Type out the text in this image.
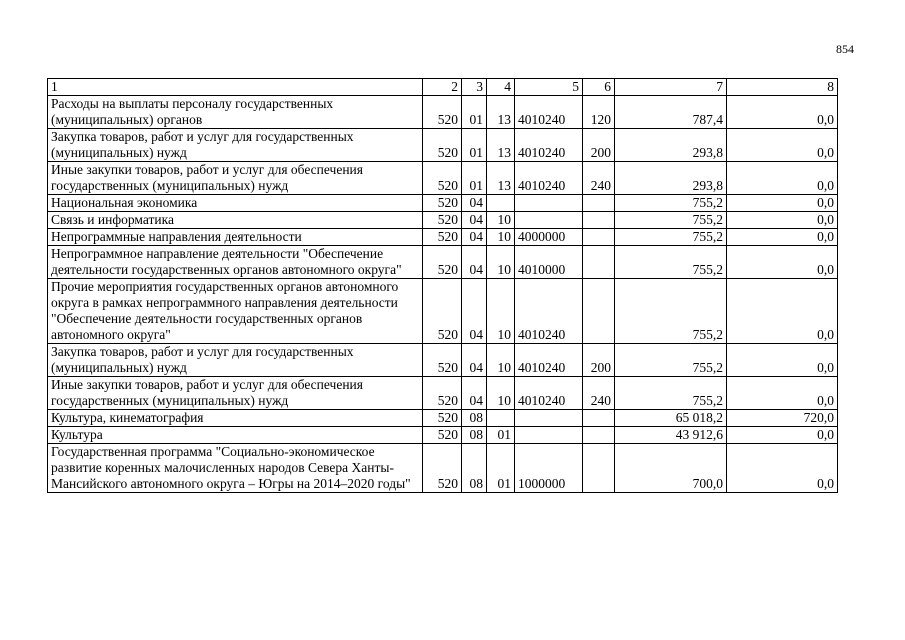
854
1	2	3	4	5	6	7	8
Расходы на выплаты персоналу государственных (муниципальных) органов	520	01	13	4010240	120	787,4	0,0
Закупка товаров, работ и услуг для государственных (муниципальных) нужд	520	01	13	4010240	200	293,8	0,0
Иные закупки товаров, работ и услуг для обеспечения государственных (муниципальных) нужд	520	01	13	4010240	240	293,8	0,0
Национальная экономика	520	04				755,2	0,0
Связь и информатика	520	04	10			755,2	0,0
Непрограммные направления деятельности	520	04	10	4000000		755,2	0,0
Непрограммное направление деятельности "Обеспечение деятельности государственных органов автономного округа"	520	04	10	4010000		755,2	0,0
Прочие мероприятия государственных органов автономного округа в рамках непрограммного направления деятельности "Обеспечение деятельности государственных органов автономного округа"	520	04	10	4010240		755,2	0,0
Закупка товаров, работ и услуг для государственных (муниципальных) нужд	520	04	10	4010240	200	755,2	0,0
Иные закупки товаров, работ и услуг для обеспечения государственных (муниципальных) нужд	520	04	10	4010240	240	755,2	0,0
Культура, кинематография	520	08				65 018,2	720,0
Культура	520	08	01			43 912,6	0,0
Государственная программа "Социально-экономическое развитие коренных малочисленных народов Севера Ханты-Мансийского автономного округа – Югры на 2014–2020 годы"	520	08	01	1000000		700,0	0,0
